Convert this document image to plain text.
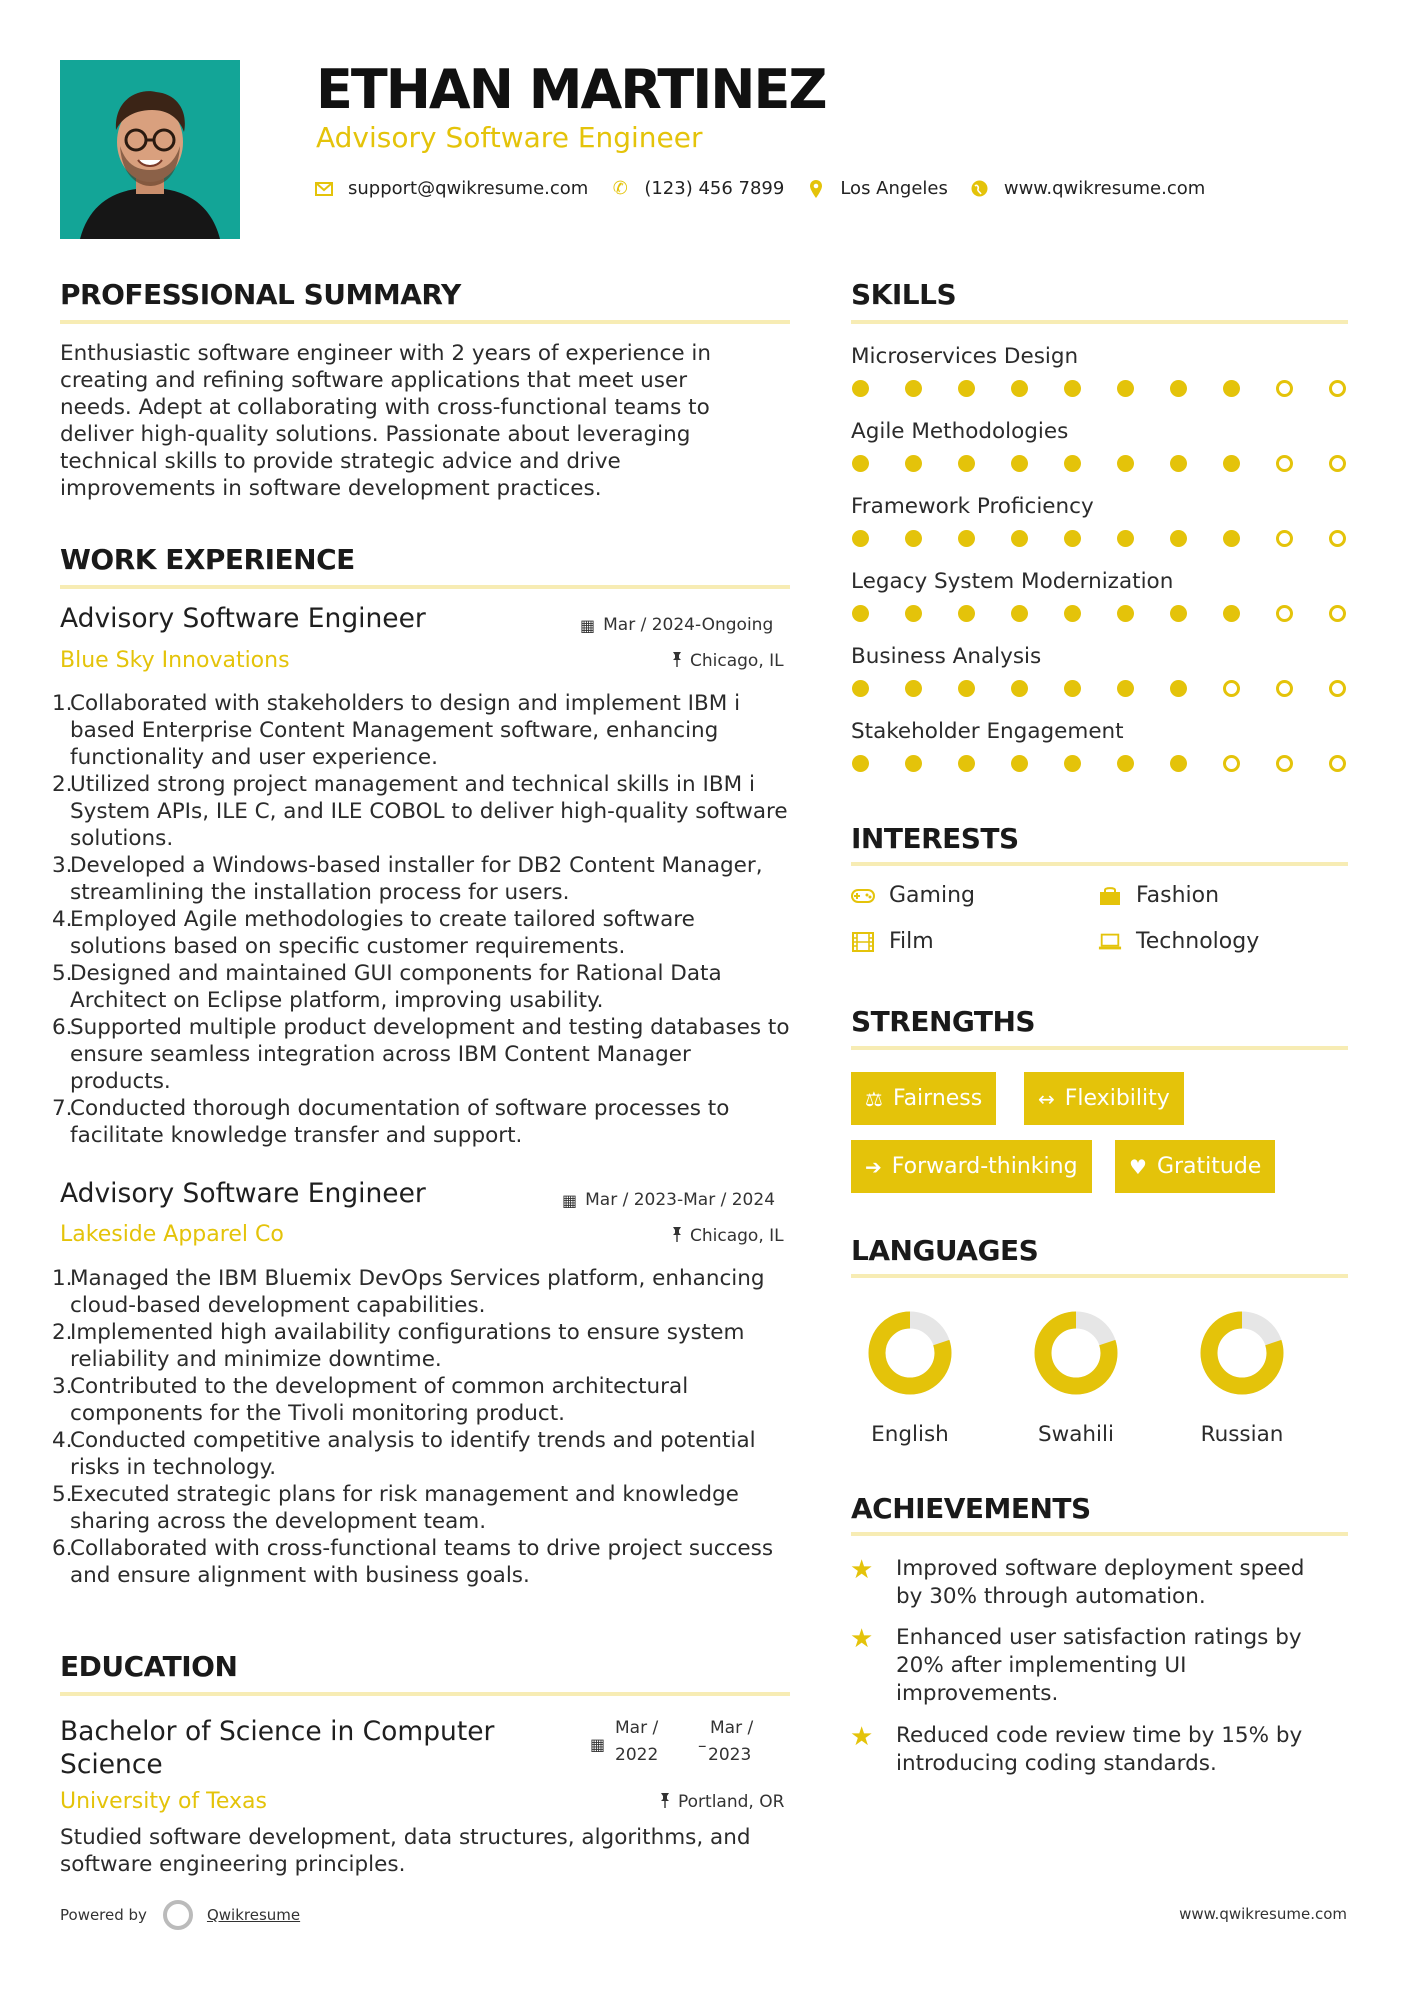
ETHAN MARTINEZ
Advisory Software Engineer
support@qwikresume.com ✆ (123) 456 7899	Los Angeles	www.qwikresume.com
PROFESSIONAL SUMMARY
Enthusiastic software engineer with 2 years of experience in creating and refining software applications that meet user needs. Adept at collaborating with cross-functional teams to deliver high-quality solutions. Passionate about leveraging technical skills to provide strategic advice and drive improvements in software development practices.
WORK EXPERIENCE
Advisory Software Engineer	▦ Mar / 2024-Ongoing
Blue Sky Innovations	Chicago, IL
1.
Collaborated with stakeholders to design and implement IBM i based Enterprise Content Management software, enhancing functionality and user experience.
2.
Utilized strong project management and technical skills in IBM i System APIs, ILE C, and ILE COBOL to deliver high-quality software solutions.
3.
Developed a Windows-based installer for DB2 Content Manager, streamlining the installation process for users.
4.
Employed Agile methodologies to create tailored software solutions based on specific customer requirements.
5.
Designed and maintained GUI components for Rational Data Architect on Eclipse platform, improving usability.
6.
Supported multiple product development and testing databases to ensure seamless integration across IBM Content Manager products.
7.
Conducted thorough documentation of software processes to facilitate knowledge transfer and support.
Advisory Software Engineer	▦ Mar / 2023-Mar / 2024
Lakeside Apparel Co	Chicago, IL
1.
Managed the IBM Bluemix DevOps Services platform, enhancing cloud-based development capabilities.
2.
Implemented high availability configurations to ensure system reliability and minimize downtime.
3.
Contributed to the development of common architectural components for the Tivoli monitoring product.
4.
Conducted competitive analysis to identify trends and potential risks in technology.
5.
Executed strategic plans for risk management and knowledge sharing across the development team.
6.
Collaborated with cross-functional teams to drive project success and ensure alignment with business goals.
EDUCATION
Bachelor of Science in Computer
Science
▦
Mar /
2022 –
Mar /
2023
University of Texas	Portland, OR
Studied software development, data structures, algorithms, and software engineering principles.
SKILLS
Microservices Design
Agile Methodologies
Framework Proficiency
Legacy System Modernization
Business Analysis
Stakeholder Engagement
INTERESTS
Gaming	Fashion
Film	Technology
STRENGTHS
⚖ Fairness	↔ Flexibility
➔ Forward-thinking	♥ Gratitude
LANGUAGES
English	Swahili	Russian
ACHIEVEMENTS
★	Improved software deployment speed by 30% through automation.
★	Enhanced user satisfaction ratings by 20% after implementing UI improvements.
★	Reduced code review time by 15% by introducing coding standards.
Powered by	Qwikresume	www.qwikresume.com
